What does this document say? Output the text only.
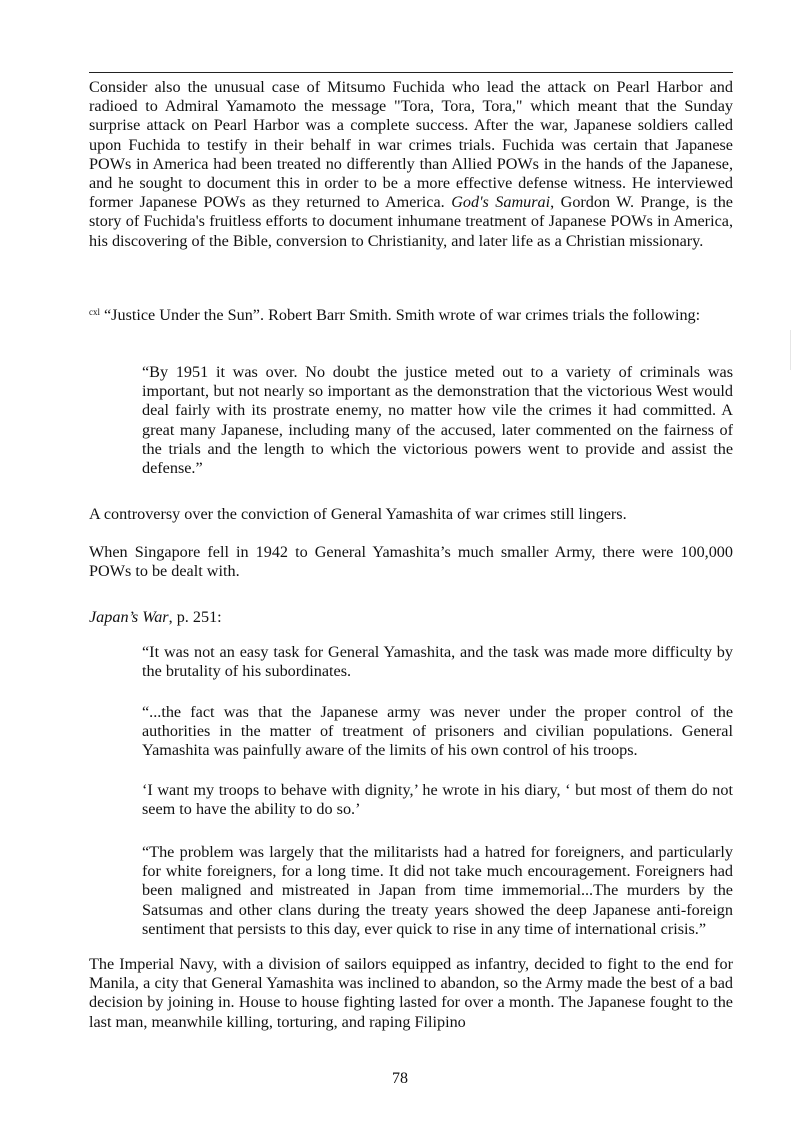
Consider also the unusual case of Mitsumo Fuchida who lead the attack on Pearl Harbor and radioed to Admiral Yamamoto the message "Tora, Tora, Tora," which meant that the Sunday surprise attack on Pearl Harbor was a complete success. After the war, Japanese soldiers called upon Fuchida to testify in their behalf in war crimes trials. Fuchida was certain that Japanese POWs in America had been treated no differently than Allied POWs in the hands of the Japanese, and he sought to document this in order to be a more effective defense witness. He interviewed former Japanese POWs as they returned to America. God's Samurai, Gordon W. Prange, is the story of Fuchida's fruitless efforts to document inhumane treatment of Japanese POWs in America, his discovering of the Bible, conversion to Christianity, and later life as a Christian missionary.

$^{cxl}$ “Justice Under the Sun”. Robert Barr Smith. Smith wrote of war crimes trials the following:

“By 1951 it was over. No doubt the justice meted out to a variety of criminals was important, but not nearly so important as the demonstration that the victorious West would deal fairly with its prostrate enemy, no matter how vile the crimes it had committed. A great many Japanese, including many of the accused, later commented on the fairness of the trials and the length to which the victorious powers went to provide and assist the defense.”

A controversy over the conviction of General Yamashita of war crimes still lingers.

When Singapore fell in 1942 to General Yamashita’s much smaller Army, there were 100,000 POWs to be dealt with.

Japan’s War, p. 251:

“It was not an easy task for General Yamashita, and the task was made more difficulty by the brutality of his subordinates.

“...the fact was that the Japanese army was never under the proper control of the authorities in the matter of treatment of prisoners and civilian populations. General Yamashita was painfully aware of the limits of his own control of his troops.

‘I want my troops to behave with dignity,’ he wrote in his diary, ‘ but most of them do not seem to have the ability to do so.’

“The problem was largely that the militarists had a hatred for foreigners, and particularly for white foreigners, for a long time. It did not take much encouragement. Foreigners had been maligned and mistreated in Japan from time immemorial...The murders by the Satsumas and other clans during the treaty years showed the deep Japanese anti-foreign sentiment that persists to this day, ever quick to rise in any time of international crisis.”

The Imperial Navy, with a division of sailors equipped as infantry, decided to fight to the end for Manila, a city that General Yamashita was inclined to abandon, so the Army made the best of a bad decision by joining in. House to house fighting lasted for over a month. The Japanese fought to the last man, meanwhile killing, torturing, and raping Filipino

78
